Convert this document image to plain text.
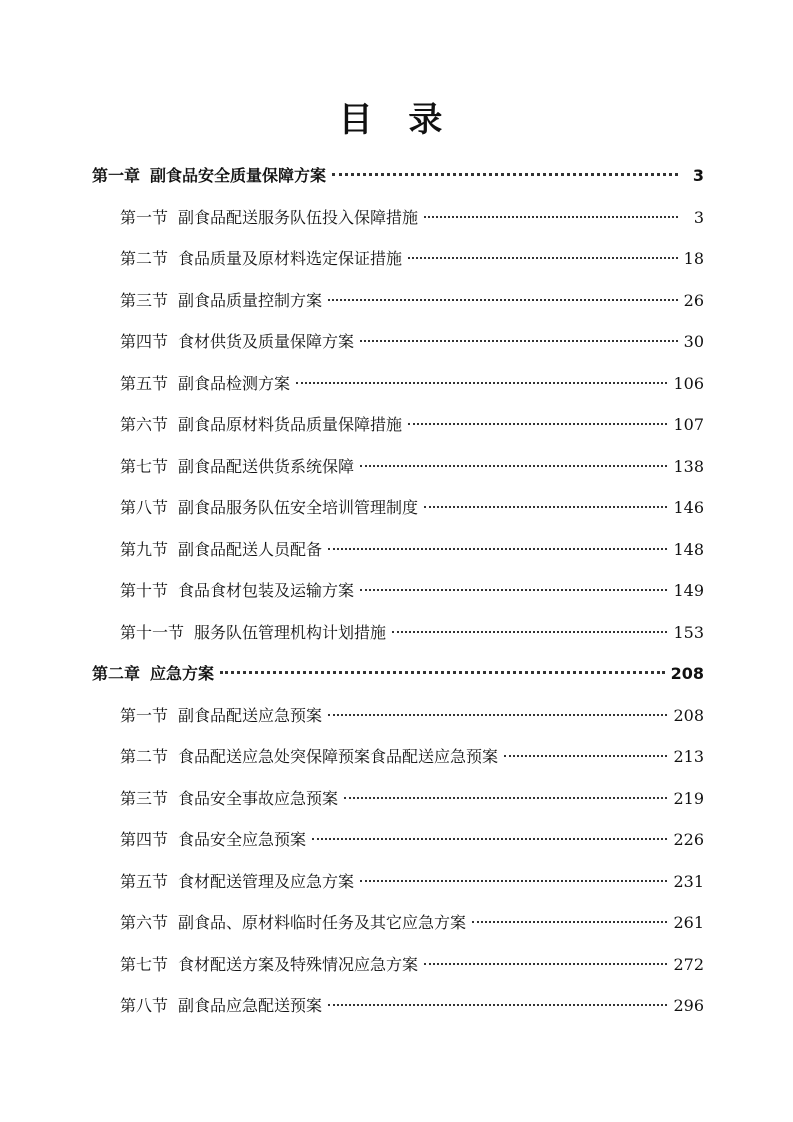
目 录
第一章 副食品安全质量保障方案	3
第一节 副食品配送服务队伍投入保障措施	3
第二节 食品质量及原材料选定保证措施	18
第三节 副食品质量控制方案	26
第四节 食材供货及质量保障方案	30
第五节 副食品检测方案	106
第六节 副食品原材料货品质量保障措施	107
第七节 副食品配送供货系统保障	138
第八节 副食品服务队伍安全培训管理制度	146
第九节 副食品配送人员配备	148
第十节 食品食材包装及运输方案	149
第十一节 服务队伍管理机构计划措施	153
第二章 应急方案	208
第一节 副食品配送应急预案	208
第二节 食品配送应急处突保障预案食品配送应急预案	213
第三节 食品安全事故应急预案	219
第四节 食品安全应急预案	226
第五节 食材配送管理及应急方案	231
第六节 副食品、原材料临时任务及其它应急方案	261
第七节 食材配送方案及特殊情况应急方案	272
第八节 副食品应急配送预案	296
